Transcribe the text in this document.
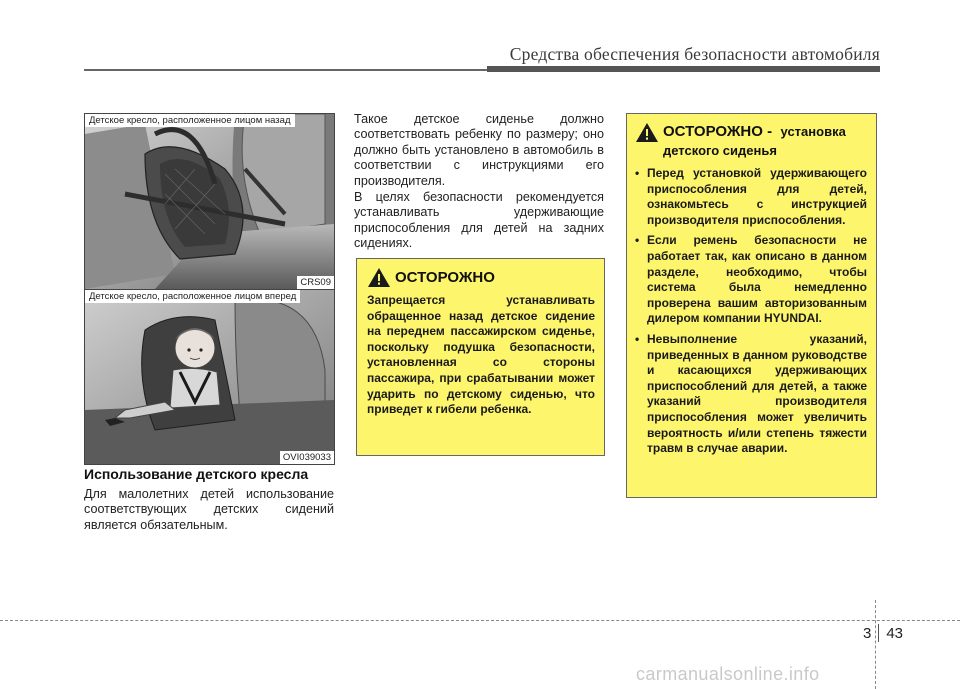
Средства обеспечения безопасности автомобиля
Детское кресло, расположенное лицом назад
CRS09
Детское кресло, расположенное лицом вперед
OVI039033
Использование детского кресла
Для малолетних детей использование соответствующих детских сидений является обязательным.
Такое детское сиденье должно соответствовать ребенку по размеру; оно должно быть установлено в автомобиль в соответствии с инструкциями его производителя.
В целях безопасности рекомендуется устанавливать удерживающие приспособления для детей на задних сидениях.
ОСТОРОЖНО
Запрещается устанавливать обращенное назад детское сидение на переднем пассажирском сиденье, поскольку подушка безопасности, установленная со стороны пассажира, при срабатывании может ударить по детскому сиденью, что приведет к гибели ребенка.
ОСТОРОЖНО - установка детского сиденья
• Перед установкой удерживающего приспособления для детей, ознакомьтесь с инструкцией производителя приспособления.
• Если ремень безопасности не работает так, как описано в данном разделе, необходимо, чтобы система была немедленно проверена вашим авторизованным дилером компании HYUNDAI.
• Невыполнение указаний, приведенных в данном руководстве и касающихся удерживающих приспособлений для детей, а также указаний производителя приспособления может увеличить вероятность и/или степень тяжести травм в случае аварии.
3 43
carmanualsonline.info
